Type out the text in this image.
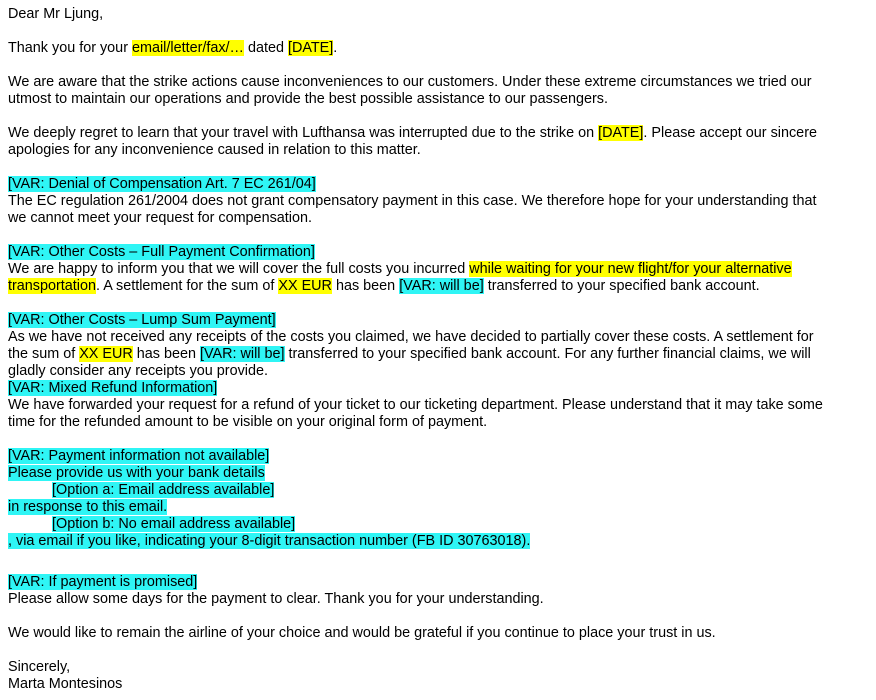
Dear Mr Ljung,
Thank you for your email/letter/fax/… dated [DATE].
We are aware that the strike actions cause inconveniences to our customers. Under these extreme circumstances we tried our
utmost to maintain our operations and provide the best possible assistance to our passengers.
We deeply regret to learn that your travel with Lufthansa was interrupted due to the strike on [DATE]. Please accept our sincere
apologies for any inconvenience caused in relation to this matter.
[VAR: Denial of Compensation Art. 7 EC 261/04]
The EC regulation 261/2004 does not grant compensatory payment in this case. We therefore hope for your understanding that
we cannot meet your request for compensation.
[VAR: Other Costs – Full Payment Confirmation]
We are happy to inform you that we will cover the full costs you incurred while waiting for your new flight/for your alternative
transportation. A settlement for the sum of XX EUR has been [VAR: will be] transferred to your specified bank account.
[VAR: Other Costs – Lump Sum Payment]
As we have not received any receipts of the costs you claimed, we have decided to partially cover these costs. A settlement for
the sum of XX EUR has been [VAR: will be] transferred to your specified bank account. For any further financial claims, we will
gladly consider any receipts you provide.
[VAR: Mixed Refund Information]
We have forwarded your request for a refund of your ticket to our ticketing department. Please understand that it may take some
time for the refunded amount to be visible on your original form of payment.
[VAR: Payment information not available]
Please provide us with your bank details
[Option a: Email address available]
in response to this email.
[Option b: No email address available]
, via email if you like, indicating your 8-digit transaction number (FB ID 30763018).
[VAR: If payment is promised]
Please allow some days for the payment to clear. Thank you for your understanding.
We would like to remain the airline of your choice and would be grateful if you continue to place your trust in us.
Sincerely,
Marta Montesinos
